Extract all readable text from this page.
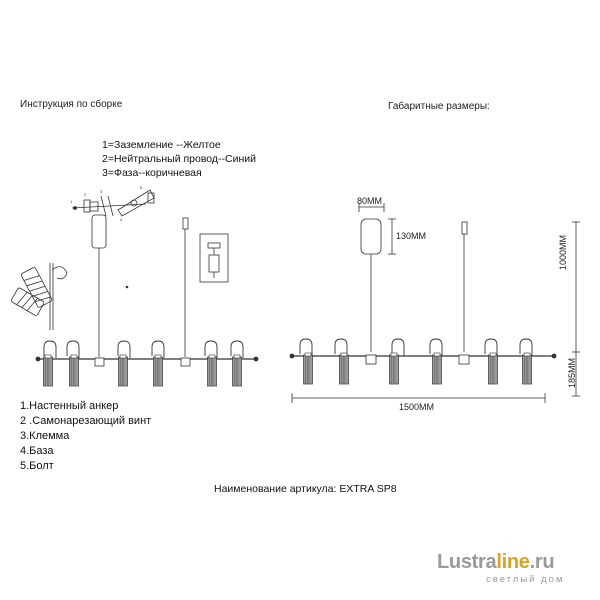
Инструкция по сборке	Габаритные размеры:
1=Заземление --Желтое
2=Нейтральный провод--Синий
3=Фаза--коричневая
1.Настенный анкер
2 .Самонарезающий винт
3.Клемма
4.База
5.Болт
Наименование артикула: EXTRA SP8
80MM
130MM	1000MM
185MM
1500MM
1
2
3
4
5
Lustraline.ru
светлый дом
